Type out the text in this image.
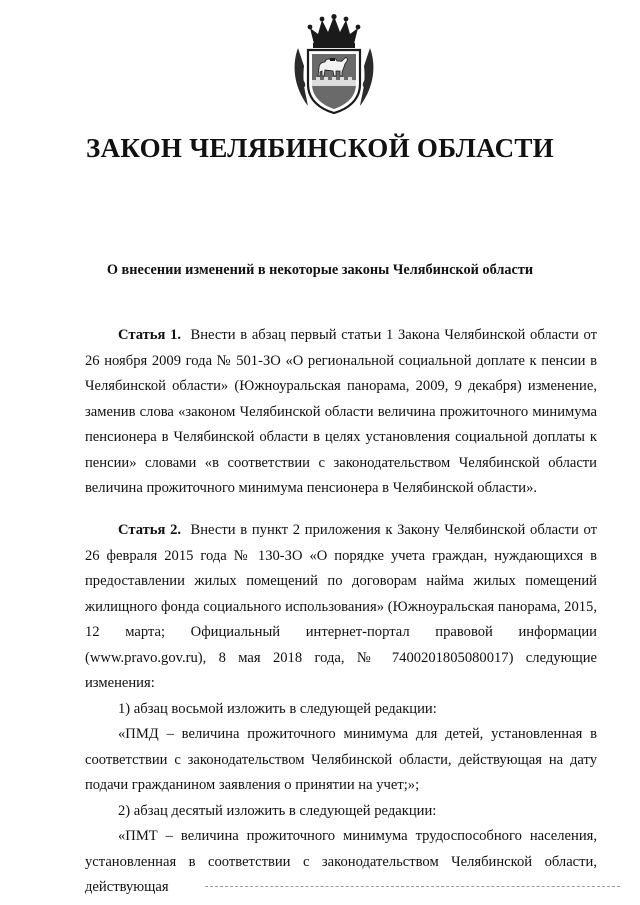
ЗАКОН ЧЕЛЯБИНСКОЙ ОБЛАСТИ
О внесении изменений в некоторые законы Челябинской области

Статья 1. Внести в абзац первый статьи 1 Закона Челябинской области от 26 ноября 2009 года № 501-ЗО «О региональной социальной доплате к пенсии в Челябинской области» (Южноуральская панорама, 2009, 9 декабря) изменение, заменив слова «законом Челябинской области величина прожиточного минимума пенсионера в Челябинской области в целях установления социальной доплаты к пенсии» словами «в соответствии с законодательством Челябинской области величина прожиточного минимума пенсионера в Челябинской области».

Статья 2. Внести в пункт 2 приложения к Закону Челябинской области от 26 февраля 2015 года № 130-ЗО «О порядке учета граждан, нуждающихся в предоставлении жилых помещений по договорам найма жилых помещений жилищного фонда социального использования» (Южноуральская панорама, 2015, 12 марта; Официальный интернет-портал правовой информации (www.pravo.gov.ru), 8 мая 2018 года, № 7400201805080017) следующие изменения:

1) абзац восьмой изложить в следующей редакции:

«ПМД – величина прожиточного минимума для детей, установленная в соответствии с законодательством Челябинской области, действующая на дату подачи гражданином заявления о принятии на учет;»;

2) абзац десятый изложить в следующей редакции:

«ПМТ – величина прожиточного минимума трудоспособного населения, установленная в соответствии с законодательством Челябинской области, действующая
